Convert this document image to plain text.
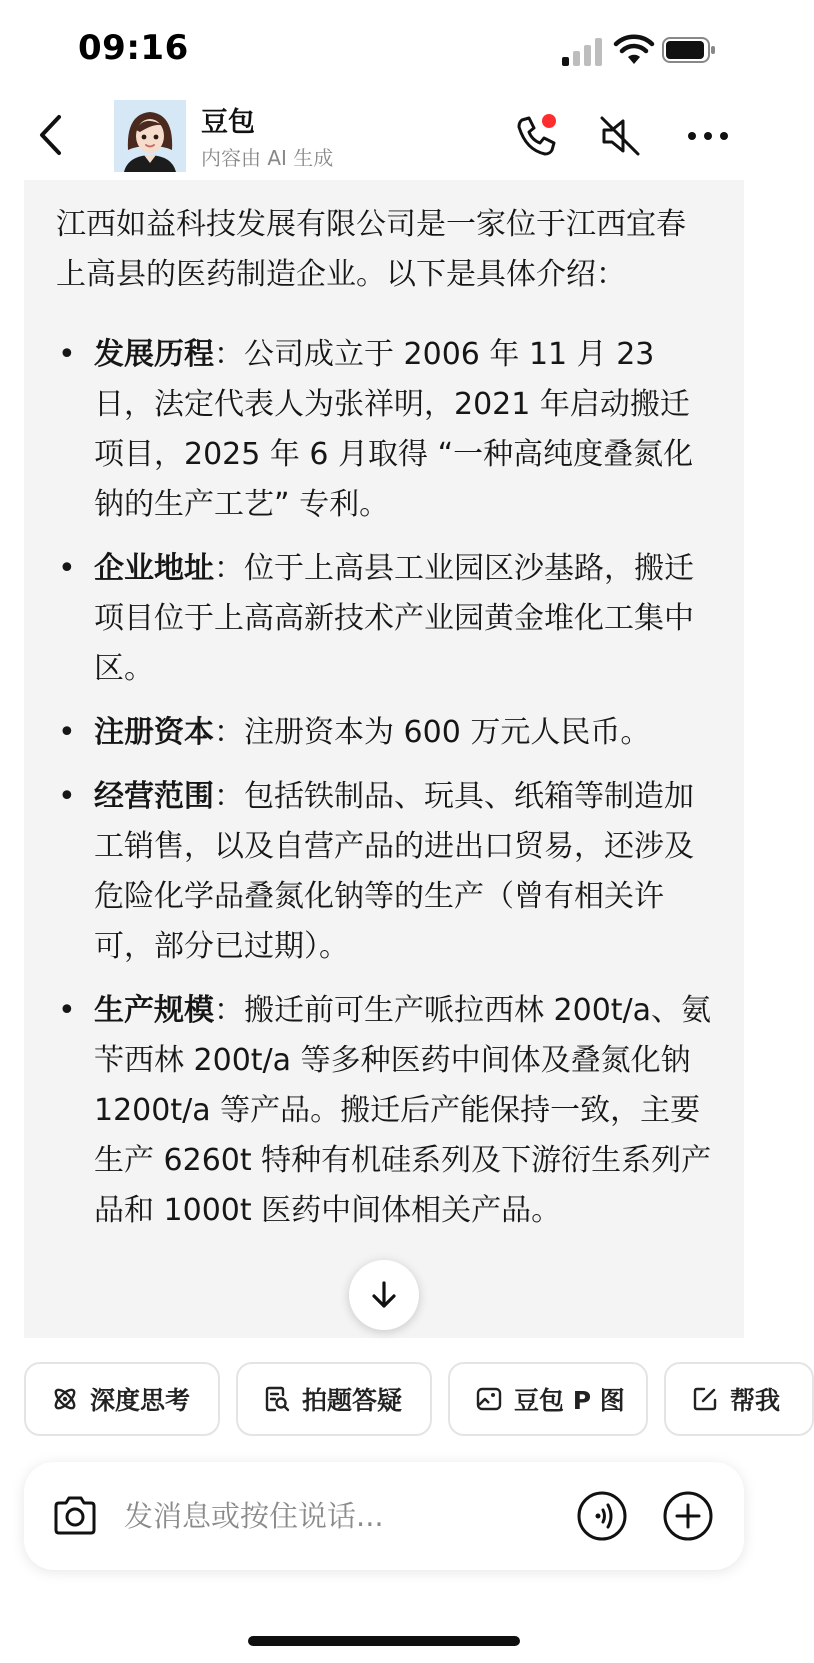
09:16
豆包
内容由 AI 生成

江西如益科技发展有限公司是一家位于江西宜春上高县的医药制造企业。以下是具体介绍：

• 发展历程：公司成立于 2006 年 11 月 23 日，法定代表人为张祥明，2021 年启动搬迁项目，2025 年 6 月取得 “一种高纯度叠氮化钠的生产工艺” 专利。
• 企业地址：位于上高县工业园区沙基路，搬迁项目位于上高高新技术产业园黄金堆化工集中区。
• 注册资本：注册资本为 600 万元人民币。
• 经营范围：包括铁制品、玩具、纸箱等制造加工销售，以及自营产品的进出口贸易，还涉及危险化学品叠氮化钠等的生产（曾有相关许可，部分已过期）。
• 生产规模：搬迁前可生产哌拉西林 200t/a、氨苄西林 200t/a 等多种医药中间体及叠氮化钠 1200t/a 等产品。搬迁后产能保持一致，主要生产 6260t 特种有机硅系列及下游衍生系列产品和 1000t 医药中间体相关产品。
深度思考	拍题答疑	豆包 P 图	帮我
发消息或按住说话...
